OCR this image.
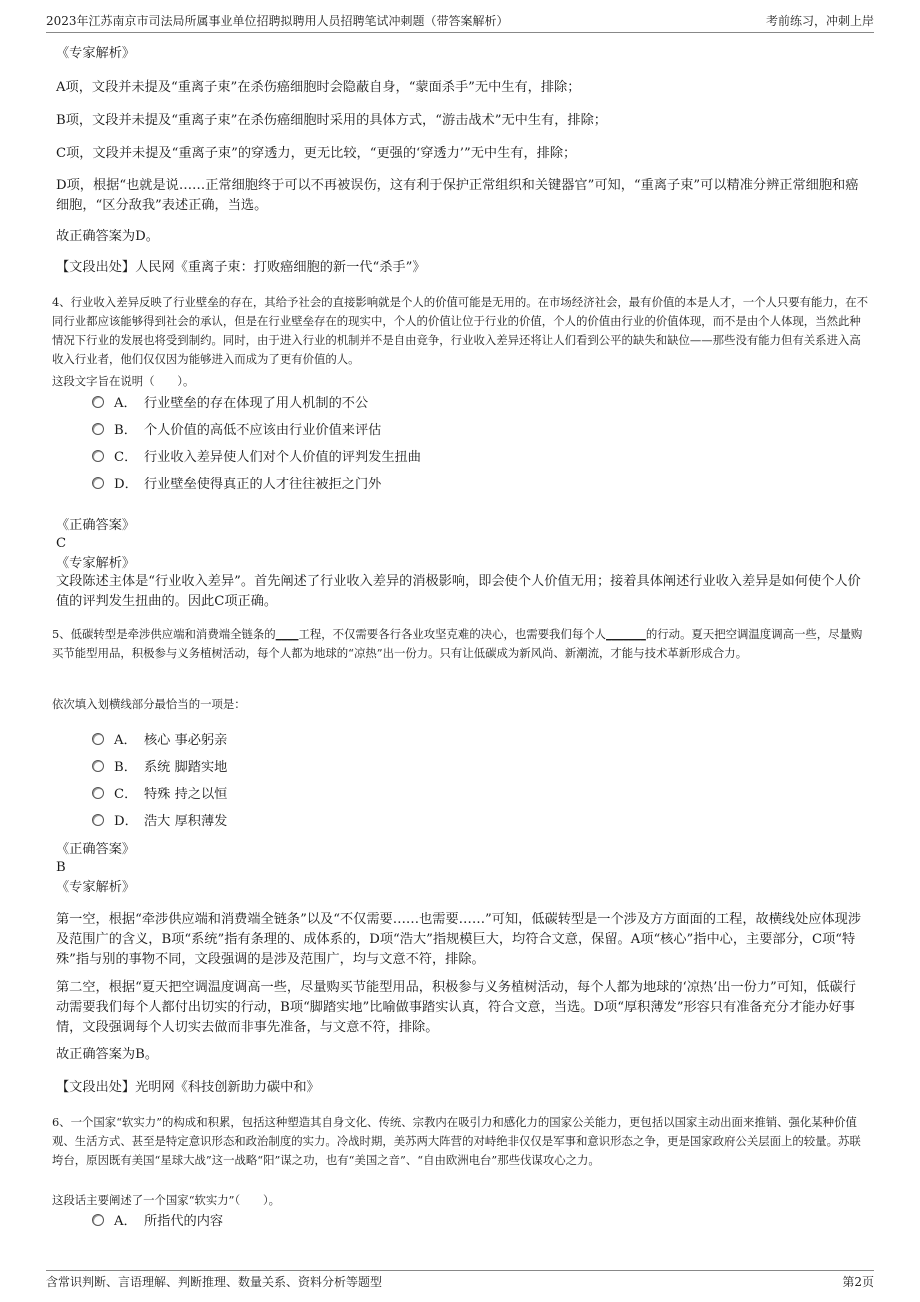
2023年江苏南京市司法局所属事业单位招聘拟聘用人员招聘笔试冲刺题（带答案解析）	考前练习，冲刺上岸
《专家解析》
A项，文段并未提及“重离子束”在杀伤癌细胞时会隐蔽自身，“蒙面杀手”无中生有，排除；
B项，文段并未提及“重离子束”在杀伤癌细胞时采用的具体方式，“游击战术”无中生有，排除；
C项，文段并未提及“重离子束”的穿透力，更无比较，“更强的‘穿透力’”无中生有，排除；
D项，根据“也就是说……正常细胞终于可以不再被误伤，这有利于保护正常组织和关键器官”可知，“重离子束”可以精准分辨正常细胞和癌细胞，“区分敌我”表述正确，当选。
故正确答案为D。
【文段出处】人民网《重离子束：打败癌细胞的新一代“杀手”》
4、行业收入差异反映了行业壁垒的存在，其给予社会的直接影响就是个人的价值可能是无用的。在市场经济社会，最有价值的本是人才，一个人只要有能力，在不同行业都应该能够得到社会的承认，但是在行业壁垒存在的现实中，个人的价值让位于行业的价值，个人的价值由行业的价值体现，而不是由个人体现，当然此种情况下行业的发展也将受到制约。同时，由于进入行业的机制并不是自由竞争，行业收入差异还将让人们看到公平的缺失和缺位——那些没有能力但有关系进入高收入行业者，他们仅仅因为能够进入而成为了更有价值的人。
这段文字旨在说明（　　）。
A． 行业壁垒的存在体现了用人机制的不公
B． 个人价值的高低不应该由行业价值来评估
C． 行业收入差异使人们对个人价值的评判发生扭曲
D． 行业壁垒使得真正的人才往往被拒之门外
《正确答案》
C
《专家解析》
文段陈述主体是“行业收入差异”。首先阐述了行业收入差异的消极影响，即会使个人价值无用；接着具体阐述行业收入差异是如何使个人价值的评判发生扭曲的。因此C项正确。
5、低碳转型是牵涉供应端和消费端全链条的____工程，不仅需要各行各业攻坚克难的决心，也需要我们每个人_______的行动。夏天把空调温度调高一些，尽量购买节能型用品，积极参与义务植树活动，每个人都为地球的“凉热”出一份力。只有让低碳成为新风尚、新潮流，才能与技术革新形成合力。
依次填入划横线部分最恰当的一项是：
A． 核心 事必躬亲
B． 系统 脚踏实地
C． 特殊 持之以恒
D． 浩大 厚积薄发
《正确答案》
B
《专家解析》
第一空，根据“牵涉供应端和消费端全链条”以及“不仅需要……也需要……”可知，低碳转型是一个涉及方方面面的工程，故横线处应体现涉及范围广的含义，B项“系统”指有条理的、成体系的，D项“浩大”指规模巨大，均符合文意，保留。A项“核心”指中心，主要部分，C项“特殊”指与别的事物不同，文段强调的是涉及范围广，均与文意不符，排除。
第二空，根据“夏天把空调温度调高一些，尽量购买节能型用品，积极参与义务植树活动，每个人都为地球的‘凉热’出一份力”可知，低碳行动需要我们每个人都付出切实的行动，B项“脚踏实地”比喻做事踏实认真，符合文意，当选。D项“厚积薄发”形容只有准备充分才能办好事情，文段强调每个人切实去做而非事先准备，与文意不符，排除。
故正确答案为B。
【文段出处】光明网《科技创新助力碳中和》
6、一个国家“软实力”的构成和积累，包括这种塑造其自身文化、传统、宗教内在吸引力和感化力的国家公关能力，更包括以国家主动出面来推销、强化某种价值观、生活方式、甚至是特定意识形态和政治制度的实力。冷战时期，美苏两大阵营的对峙绝非仅仅是军事和意识形态之争，更是国家政府公关层面上的较量。苏联垮台，原因既有美国“星球大战”这一战略“阳”谋之功，也有“美国之音”、“自由欧洲电台”那些伐谋攻心之力。
这段话主要阐述了一个国家“软实力”（　　）。
A． 所指代的内容
含常识判断、言语理解、判断推理、数量关系、资料分析等题型	第2页
